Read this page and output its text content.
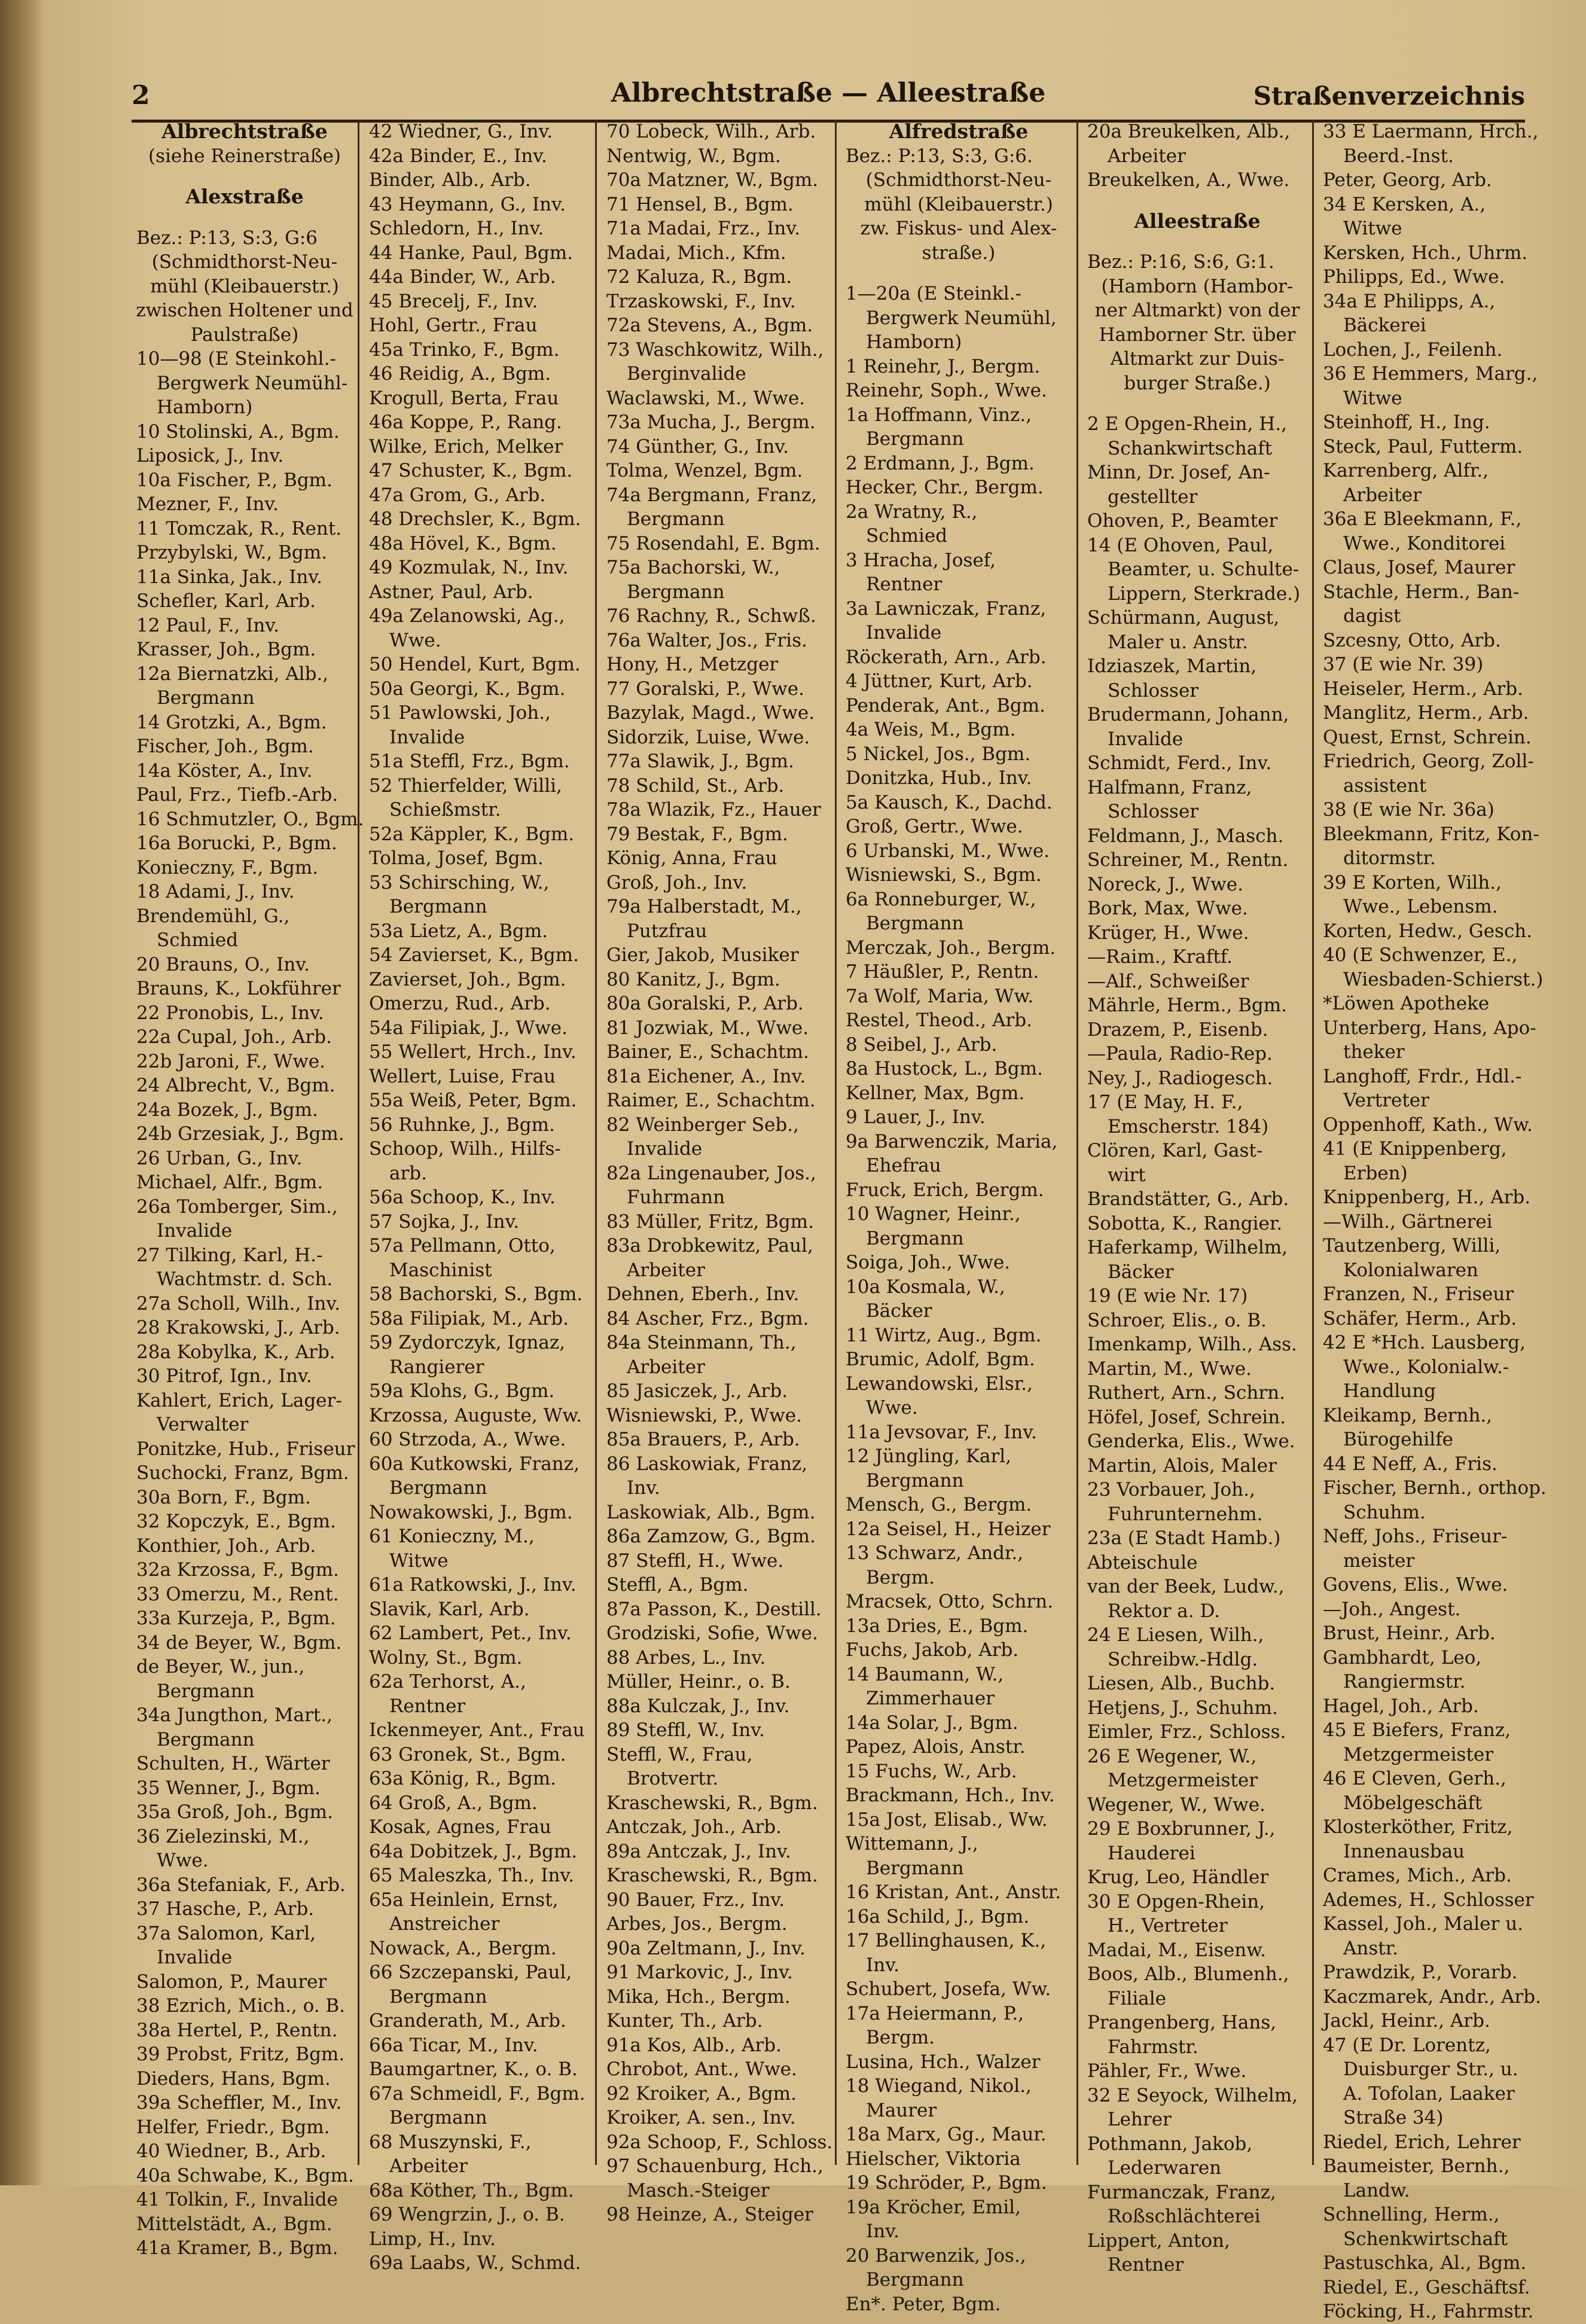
2	Albrechtstraße — Alleestraße	Straßenverzeichnis
Albrechtstraße
(siehe Reinerstraße)
Alexstraße
Bez.: P:13, S:3, G:6
(Schmidthorst-Neu-
mühl (Kleibauerstr.)
zwischen Holtener und
Paulstraße)
10—98 (E Steinkohl.-
Bergwerk Neumühl-
Hamborn)
10 Stolinski, A., Bgm.
Liposick, J., Inv.
10a Fischer, P., Bgm.
Mezner, F., Inv.
11 Tomczak, R., Rent.
Przybylski, W., Bgm.
11a Sinka, Jak., Inv.
Schefler, Karl, Arb.
12 Paul, F., Inv.
Krasser, Joh., Bgm.
12a Biernatzki, Alb.,
Bergmann
14 Grotzki, A., Bgm.
Fischer, Joh., Bgm.
14a Köster, A., Inv.
Paul, Frz., Tiefb.-Arb.
16 Schmutzler, O., Bgm.
16a Borucki, P., Bgm.
Konieczny, F., Bgm.
18 Adami, J., Inv.
Brendemühl, G.,
Schmied
20 Brauns, O., Inv.
Brauns, K., Lokführer
22 Pronobis, L., Inv.
22a Cupal, Joh., Arb.
22b Jaroni, F., Wwe.
24 Albrecht, V., Bgm.
24a Bozek, J., Bgm.
24b Grzesiak, J., Bgm.
26 Urban, G., Inv.
Michael, Alfr., Bgm.
26a Tomberger, Sim.,
Invalide
27 Tilking, Karl, H.-
Wachtmstr. d. Sch.
27a Scholl, Wilh., Inv.
28 Krakowski, J., Arb.
28a Kobylka, K., Arb.
30 Pitrof, Ign., Inv.
Kahlert, Erich, Lager-
Verwalter
Ponitzke, Hub., Friseur
Suchocki, Franz, Bgm.
30a Born, F., Bgm.
32 Kopczyk, E., Bgm.
Konthier, Joh., Arb.
32a Krzossa, F., Bgm.
33 Omerzu, M., Rent.
33a Kurzeja, P., Bgm.
34 de Beyer, W., Bgm.
de Beyer, W., jun.,
Bergmann
34a Jungthon, Mart.,
Bergmann
Schulten, H., Wärter
35 Wenner, J., Bgm.
35a Groß, Joh., Bgm.
36 Zielezinski, M.,
Wwe.
36a Stefaniak, F., Arb.
37 Hasche, P., Arb.
37a Salomon, Karl,
Invalide
Salomon, P., Maurer
38 Ezrich, Mich., o. B.
38a Hertel, P., Rentn.
39 Probst, Fritz, Bgm.
Dieders, Hans, Bgm.
39a Scheffler, M., Inv.
Helfer, Friedr., Bgm.
40 Wiedner, B., Arb.
40a Schwabe, K., Bgm.
41 Tolkin, F., Invalide
Mittelstädt, A., Bgm.
41a Kramer, B., Bgm.
42 Wiedner, G., Inv.
42a Binder, E., Inv.
Binder, Alb., Arb.
43 Heymann, G., Inv.
Schledorn, H., Inv.
44 Hanke, Paul, Bgm.
44a Binder, W., Arb.
45 Brecelj, F., Inv.
Hohl, Gertr., Frau
45a Trinko, F., Bgm.
46 Reidig, A., Bgm.
Krogull, Berta, Frau
46a Koppe, P., Rang.
Wilke, Erich, Melker
47 Schuster, K., Bgm.
47a Grom, G., Arb.
48 Drechsler, K., Bgm.
48a Hövel, K., Bgm.
49 Kozmulak, N., Inv.
Astner, Paul, Arb.
49a Zelanowski, Ag.,
Wwe.
50 Hendel, Kurt, Bgm.
50a Georgi, K., Bgm.
51 Pawlowski, Joh.,
Invalide
51a Steffl, Frz., Bgm.
52 Thierfelder, Willi,
Schießmstr.
52a Käppler, K., Bgm.
Tolma, Josef, Bgm.
53 Schirsching, W.,
Bergmann
53a Lietz, A., Bgm.
54 Zavierset, K., Bgm.
Zavierset, Joh., Bgm.
Omerzu, Rud., Arb.
54a Filipiak, J., Wwe.
55 Wellert, Hrch., Inv.
Wellert, Luise, Frau
55a Weiß, Peter, Bgm.
56 Ruhnke, J., Bgm.
Schoop, Wilh., Hilfs-
arb.
56a Schoop, K., Inv.
57 Sojka, J., Inv.
57a Pellmann, Otto,
Maschinist
58 Bachorski, S., Bgm.
58a Filipiak, M., Arb.
59 Zydorczyk, Ignaz,
Rangierer
59a Klohs, G., Bgm.
Krzossa, Auguste, Ww.
60 Strzoda, A., Wwe.
60a Kutkowski, Franz,
Bergmann
Nowakowski, J., Bgm.
61 Konieczny, M.,
Witwe
61a Ratkowski, J., Inv.
Slavik, Karl, Arb.
62 Lambert, Pet., Inv.
Wolny, St., Bgm.
62a Terhorst, A.,
Rentner
Ickenmeyer, Ant., Frau
63 Gronek, St., Bgm.
63a König, R., Bgm.
64 Groß, A., Bgm.
Kosak, Agnes, Frau
64a Dobitzek, J., Bgm.
65 Maleszka, Th., Inv.
65a Heinlein, Ernst,
Anstreicher
Nowack, A., Bergm.
66 Szczepanski, Paul,
Bergmann
Granderath, M., Arb.
66a Ticar, M., Inv.
Baumgartner, K., o. B.
67a Schmeidl, F., Bgm.
Bergmann
68 Muszynski, F.,
Arbeiter
68a Köther, Th., Bgm.
69 Wengrzin, J., o. B.
Limp, H., Inv.
69a Laabs, W., Schmd.
70 Lobeck, Wilh., Arb.
Nentwig, W., Bgm.
70a Matzner, W., Bgm.
71 Hensel, B., Bgm.
71a Madai, Frz., Inv.
Madai, Mich., Kfm.
72 Kaluza, R., Bgm.
Trzaskowski, F., Inv.
72a Stevens, A., Bgm.
73 Waschkowitz, Wilh.,
Berginvalide
Waclawski, M., Wwe.
73a Mucha, J., Bergm.
74 Günther, G., Inv.
Tolma, Wenzel, Bgm.
74a Bergmann, Franz,
Bergmann
75 Rosendahl, E. Bgm.
75a Bachorski, W.,
Bergmann
76 Rachny, R., Schwß.
76a Walter, Jos., Fris.
Hony, H., Metzger
77 Goralski, P., Wwe.
Bazylak, Magd., Wwe.
Sidorzik, Luise, Wwe.
77a Slawik, J., Bgm.
78 Schild, St., Arb.
78a Wlazik, Fz., Hauer
79 Bestak, F., Bgm.
König, Anna, Frau
Groß, Joh., Inv.
79a Halberstadt, M.,
Putzfrau
Gier, Jakob, Musiker
80 Kanitz, J., Bgm.
80a Goralski, P., Arb.
81 Jozwiak, M., Wwe.
Bainer, E., Schachtm.
81a Eichener, A., Inv.
Raimer, E., Schachtm.
82 Weinberger Seb.,
Invalide
82a Lingenauber, Jos.,
Fuhrmann
83 Müller, Fritz, Bgm.
83a Drobkewitz, Paul,
Arbeiter
Dehnen, Eberh., Inv.
84 Ascher, Frz., Bgm.
84a Steinmann, Th.,
Arbeiter
85 Jasiczek, J., Arb.
Wisniewski, P., Wwe.
85a Brauers, P., Arb.
86 Laskowiak, Franz,
Inv.
Laskowiak, Alb., Bgm.
86a Zamzow, G., Bgm.
87 Steffl, H., Wwe.
Steffl, A., Bgm.
87a Passon, K., Destill.
Grodziski, Sofie, Wwe.
88 Arbes, L., Inv.
Müller, Heinr., o. B.
88a Kulczak, J., Inv.
89 Steffl, W., Inv.
Steffl, W., Frau,
Brotvertr.
Kraschewski, R., Bgm.
Antczak, Joh., Arb.
89a Antczak, J., Inv.
Kraschewski, R., Bgm.
90 Bauer, Frz., Inv.
Arbes, Jos., Bergm.
90a Zeltmann, J., Inv.
91 Markovic, J., Inv.
Mika, Hch., Bergm.
Kunter, Th., Arb.
91a Kos, Alb., Arb.
Chrobot, Ant., Wwe.
92 Kroiker, A., Bgm.
Kroiker, A. sen., Inv.
92a Schoop, F., Schloss.
97 Schauenburg, Hch.,
Masch.-Steiger
98 Heinze, A., Steiger
Alfredstraße
Bez.: P:13, S:3, G:6.
(Schmidthorst-Neu-
mühl (Kleibauerstr.)
zw. Fiskus- und Alex-
straße.)
1—20a (E Steinkl.-
Bergwerk Neumühl,
Hamborn)
1 Reinehr, J., Bergm.
Reinehr, Soph., Wwe.
1a Hoffmann, Vinz.,
Bergmann
2 Erdmann, J., Bgm.
Hecker, Chr., Bergm.
2a Wratny, R.,
Schmied
3 Hracha, Josef,
Rentner
3a Lawniczak, Franz,
Invalide
Röckerath, Arn., Arb.
4 Jüttner, Kurt, Arb.
Penderak, Ant., Bgm.
4a Weis, M., Bgm.
5 Nickel, Jos., Bgm.
Donitzka, Hub., Inv.
5a Kausch, K., Dachd.
Groß, Gertr., Wwe.
6 Urbanski, M., Wwe.
Wisniewski, S., Bgm.
6a Ronneburger, W.,
Bergmann
Merczak, Joh., Bergm.
7 Häußler, P., Rentn.
7a Wolf, Maria, Ww.
Restel, Theod., Arb.
8 Seibel, J., Arb.
8a Hustock, L., Bgm.
Kellner, Max, Bgm.
9 Lauer, J., Inv.
9a Barwenczik, Maria,
Ehefrau
Fruck, Erich, Bergm.
10 Wagner, Heinr.,
Bergmann
Soiga, Joh., Wwe.
10a Kosmala, W.,
Bäcker
11 Wirtz, Aug., Bgm.
Brumic, Adolf, Bgm.
Lewandowski, Elsr.,
Wwe.
11a Jevsovar, F., Inv.
12 Jüngling, Karl,
Bergmann
Mensch, G., Bergm.
12a Seisel, H., Heizer
13 Schwarz, Andr.,
Bergm.
Mracsek, Otto, Schrn.
13a Dries, E., Bgm.
Fuchs, Jakob, Arb.
14 Baumann, W.,
Zimmerhauer
14a Solar, J., Bgm.
Papez, Alois, Anstr.
15 Fuchs, W., Arb.
Brackmann, Hch., Inv.
15a Jost, Elisab., Ww.
Wittemann, J.,
Bergmann
16 Kristan, Ant., Anstr.
16a Schild, J., Bgm.
17 Bellinghausen, K.,
Inv.
Schubert, Josefa, Ww.
17a Heiermann, P.,
Bergm.
Lusina, Hch., Walzer
18 Wiegand, Nikol.,
Maurer
18a Marx, Gg., Maur.
Hielscher, Viktoria
19 Schröder, P., Bgm.
19a Kröcher, Emil,
Inv.
20 Barwenzik, Jos.,
Bergmann
En*. Peter, Bgm.
20a Breukelken, Alb.,
Arbeiter
Breukelken, A., Wwe.
Alleestraße
Bez.: P:16, S:6, G:1.
(Hamborn (Hambor-
ner Altmarkt) von der
Hamborner Str. über
Altmarkt zur Duis-
burger Straße.)
2 E Opgen-Rhein, H.,
Schankwirtschaft
Minn, Dr. Josef, An-
gestellter
Ohoven, P., Beamter
14 (E Ohoven, Paul,
Beamter, u. Schulte-
Lippern, Sterkrade.)
Schürmann, August,
Maler u. Anstr.
Idziaszek, Martin,
Schlosser
Brudermann, Johann,
Invalide
Schmidt, Ferd., Inv.
Halfmann, Franz,
Schlosser
Feldmann, J., Masch.
Schreiner, M., Rentn.
Noreck, J., Wwe.
Bork, Max, Wwe.
Krüger, H., Wwe.
—Raim., Kraftf.
—Alf., Schweißer
Mährle, Herm., Bgm.
Drazem, P., Eisenb.
—Paula, Radio-Rep.
Ney, J., Radiogesch.
17 (E May, H. F.,
Emscherstr. 184)
Clören, Karl, Gast-
wirt
Brandstätter, G., Arb.
Sobotta, K., Rangier.
Haferkamp, Wilhelm,
Bäcker
19 (E wie Nr. 17)
Schroer, Elis., o. B.
Imenkamp, Wilh., Ass.
Martin, M., Wwe.
Ruthert, Arn., Schrn.
Höfel, Josef, Schrein.
Genderka, Elis., Wwe.
Martin, Alois, Maler
23 Vorbauer, Joh.,
Fuhrunternehm.
23a (E Stadt Hamb.)
Abteischule
van der Beek, Ludw.,
Rektor a. D.
24 E Liesen, Wilh.,
Schreibw.-Hdlg.
Liesen, Alb., Buchb.
Hetjens, J., Schuhm.
Eimler, Frz., Schloss.
26 E Wegener, W.,
Metzgermeister
Wegener, W., Wwe.
29 E Boxbrunner, J.,
Hauderei
Krug, Leo, Händler
30 E Opgen-Rhein,
H., Vertreter
Madai, M., Eisenw.
Boos, Alb., Blumenh.,
Filiale
Prangenberg, Hans,
Fahrmstr.
Pähler, Fr., Wwe.
32 E Seyock, Wilhelm,
Lehrer
Pothmann, Jakob,
Lederwaren
Furmanczak, Franz,
Roßschlächterei
Lippert, Anton,
Rentner
33 E Laermann, Hrch.,
Beerd.-Inst.
Peter, Georg, Arb.
34 E Kersken, A.,
Witwe
Kersken, Hch., Uhrm.
Philipps, Ed., Wwe.
34a E Philipps, A.,
Bäckerei
Lochen, J., Feilenh.
36 E Hemmers, Marg.,
Witwe
Steinhoff, H., Ing.
Steck, Paul, Futterm.
Karrenberg, Alfr.,
Arbeiter
36a E Bleekmann, F.,
Wwe., Konditorei
Claus, Josef, Maurer
Stachle, Herm., Ban-
dagist
Szcesny, Otto, Arb.
37 (E wie Nr. 39)
Heiseler, Herm., Arb.
Manglitz, Herm., Arb.
Quest, Ernst, Schrein.
Friedrich, Georg, Zoll-
assistent
38 (E wie Nr. 36a)
Bleekmann, Fritz, Kon-
ditormstr.
39 E Korten, Wilh.,
Wwe., Lebensm.
Korten, Hedw., Gesch.
40 (E Schwenzer, E.,
Wiesbaden-Schierst.)
*Löwen Apotheke
Unterberg, Hans, Apo-
theker
Langhoff, Frdr., Hdl.-
Vertreter
Oppenhoff, Kath., Ww.
41 (E Knippenberg,
Erben)
Knippenberg, H., Arb.
—Wilh., Gärtnerei
Tautzenberg, Willi,
Kolonialwaren
Franzen, N., Friseur
Schäfer, Herm., Arb.
42 E *Hch. Lausberg,
Wwe., Kolonialw.-
Handlung
Kleikamp, Bernh.,
Bürogehilfe
44 E Neff, A., Fris.
Fischer, Bernh., orthop.
Schuhm.
Neff, Johs., Friseur-
meister
Govens, Elis., Wwe.
—Joh., Angest.
Brust, Heinr., Arb.
Gambhardt, Leo,
Rangiermstr.
Hagel, Joh., Arb.
45 E Biefers, Franz,
Metzgermeister
46 E Cleven, Gerh.,
Möbelgeschäft
Klosterköther, Fritz,
Innenausbau
Crames, Mich., Arb.
Ademes, H., Schlosser
Kassel, Joh., Maler u.
Anstr.
Prawdzik, P., Vorarb.
Kaczmarek, Andr., Arb.
Jackl, Heinr., Arb.
47 (E Dr. Lorentz,
Duisburger Str., u.
A. Tofolan, Laaker
Straße 34)
Riedel, Erich, Lehrer
Baumeister, Bernh.,
Landw.
Schnelling, Herm.,
Schenkwirtschaft
Pastuschka, Al., Bgm.
Riedel, E., Geschäftsf.
Föcking, H., Fahrmstr.
